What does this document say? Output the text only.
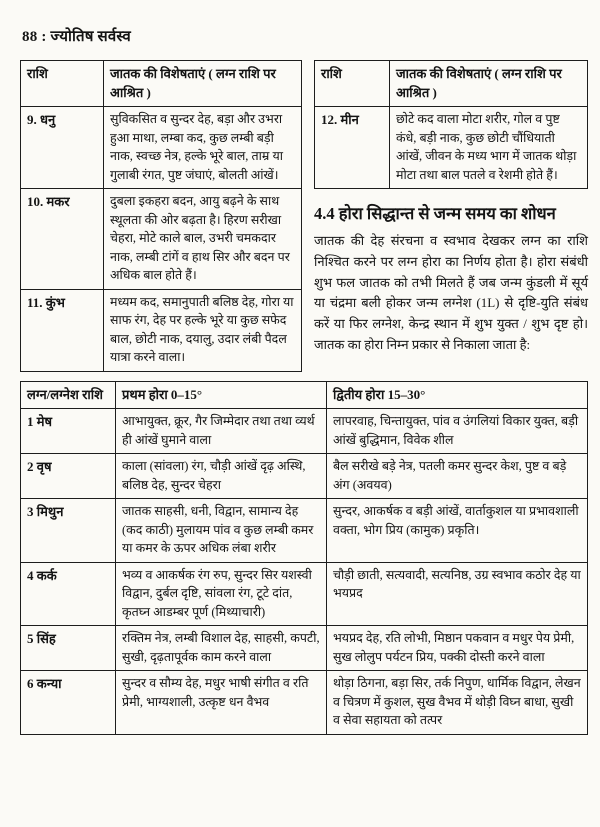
88 : ज्योतिष सर्वस्व
राशि	जातक की विशेषताएं ( लग्न राशि पर आश्रित )
9. धनु	सुविकसित व सुन्दर देह, बड़ा और उभरा हुआ माथा, लम्बा कद, कुछ लम्बी बड़ी नाक, स्वच्छ नेत्र, हल्के भूरे बाल, ताम्र या गुलाबी रंगत, पुष्ट जंघाएं, बोलती आंखें।
10. मकर	दुबला इकहरा बदन, आयु बढ़ने के साथ स्थूलता की ओर बढ़ता है। हिरण सरीखा चेहरा, मोटे काले बाल, उभरी चमकदार नाक, लम्बी टांगें व हाथ सिर और बदन पर अधिक बाल होते हैं।
11. कुंभ	मध्यम कद, समानुपाती बलिष्ठ देह, गोरा या साफ रंग, देह पर हल्के भूरे या कुछ सफेद बाल, छोटी नाक, दयालु, उदार लंबी पैदल यात्रा करने वाला।
राशि	जातक की विशेषताएं ( लग्न राशि पर आश्रित )
12. मीन	छोटे कद वाला मोटा शरीर, गोल व पुष्ट कंधे, बड़ी नाक, कुछ छोटी चौंधियाती आंखें, जीवन के मध्य भाग में जातक थोड़ा मोटा तथा बाल पतले व रेशमी होते हैं।
4.4 होरा सिद्धान्त से जन्म समय का शोधन

जातक की देह संरचना व स्वभाव देखकर लग्न का राशि निश्चित करने पर लग्न होरा का निर्णय होता है। होरा संबंधी शुभ फल जातक को तभी मिलते हैं जब जन्म कुंडली में सूर्य या चंद्रमा बली होकर जन्म लग्नेश (1L) से दृष्टि-युति संबंध करें या फिर लग्नेश, केन्द्र स्थान में शुभ युक्त / शुभ दृष्ट हो। जातक का होरा निम्न प्रकार से निकाला जाता है:

लग्न/लग्नेश राशि	प्रथम होरा 0–15°	द्वितीय होरा 15–30°
1 मेष	आभायुक्त, क्रूर, गैर जिम्मेदार तथा तथा व्यर्थ ही आंखें घुमाने वाला	लापरवाह, चिन्तायुक्त, पांव व उंगलियां विकार युक्त, बड़ी आंखें बुद्धिमान, विवेक शील
2 वृष	काला (सांवला) रंग, चौड़ी आंखें दृढ़ अस्थि, बलिष्ठ देह, सुन्दर चेहरा	बैल सरीखे बड़े नेत्र, पतली कमर सुन्दर केश, पुष्ट व बड़े अंग (अवयव)
3 मिथुन	जातक साहसी, धनी, विद्वान, सामान्य देह (कद काठी) मुलायम पांव व कुछ लम्बी कमर या कमर के ऊपर अधिक लंबा शरीर	सुन्दर, आकर्षक व बड़ी आंखें, वार्ताकुशल या प्रभावशाली वक्ता, भोग प्रिय (कामुक) प्रकृति।
4 कर्क	भव्य व आकर्षक रंग रुप, सुन्दर सिर यशस्वी विद्वान, दुर्बल दृष्टि, सांवला रंग, टूटे दांत, कृतघ्न आडम्बर पूर्ण (मिथ्याचारी)	चौड़ी छाती, सत्यवादी, सत्यनिष्ठ, उग्र स्वभाव कठोर देह या भयप्रद
5 सिंह	रक्तिम नेत्र, लम्बी विशाल देह, साहसी, कपटी, सुखी, दृढ़तापूर्वक काम करने वाला	भयप्रद देह, रति लोभी, मिष्ठान पकवान व मधुर पेय प्रेमी, सुख लोलुप पर्यटन प्रिय, पक्की दोस्ती करने वाला
6 कन्या	सुन्दर व सौम्य देह, मधुर भाषी संगीत व रति प्रेमी, भाग्यशाली, उत्कृष्ट धन वैभव	थोड़ा ठिगना, बड़ा सिर, तर्क निपुण, धार्मिक विद्वान, लेखन व चित्रण में कुशल, सुख वैभव में थोड़ी विघ्न बाधा, सुखी व सेवा सहायता को तत्पर
